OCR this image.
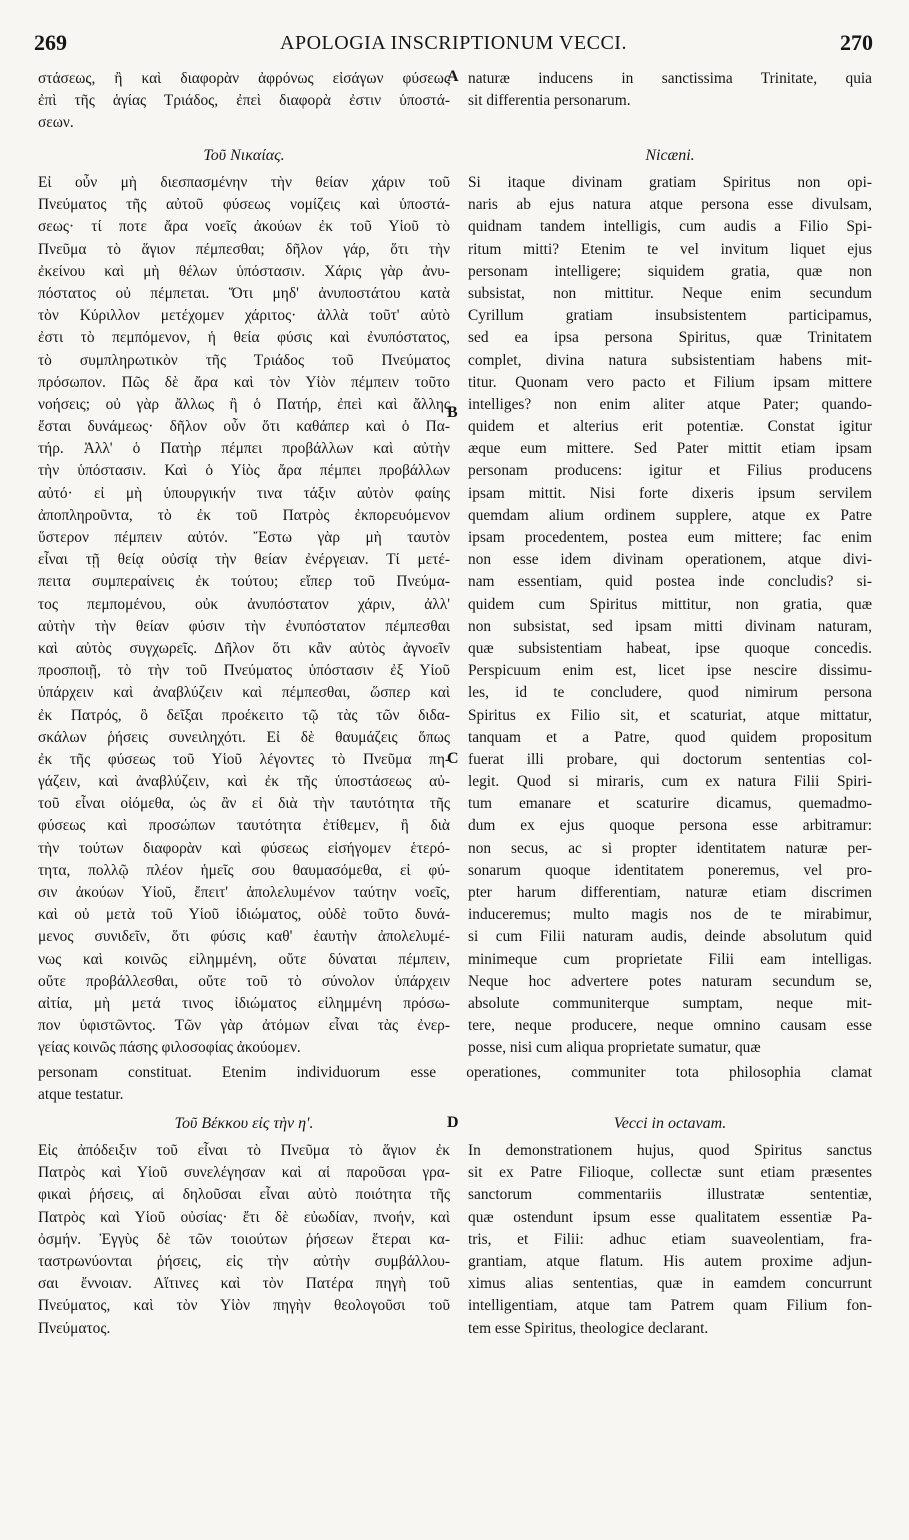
269	APOLOGIA INSCRIPTIONUM VECCI.	270
στάσεως, ἢ καὶ διαφορὰν ἀφρόνως εἰσάγων φύσεως
ἐπὶ τῆς ἁγίας Τριάδος, ἐπεὶ διαφορὰ ἐστιν ὑποστά-
σεων.
naturæ inducens in sanctissima Trinitate, quia
sit differentia personarum.
Τοῦ Νικαίας.	Nicæni.
Εἰ οὖν μὴ διεσπασμένην τὴν θείαν χάριν τοῦ
Πνεύματος τῆς αὐτοῦ φύσεως νομίζεις καὶ ὑποστά-
σεως· τί ποτε ἄρα νοεῖς ἀκούων ἐκ τοῦ Υἱοῦ τὸ
Πνεῦμα τὸ ἅγιον πέμπεσθαι; δῆλον γάρ, ὅτι τὴν
ἐκείνου καὶ μὴ θέλων ὑπόστασιν. Χάρις γὰρ ἀνυ-
πόστατος οὐ πέμπεται. Ὅτι μηδ' ἀνυποστάτου κατὰ
τὸν Κύριλλον μετέχομεν χάριτος· ἀλλὰ τοῦτ' αὐτὸ
ἐστι τὸ πεμπόμενον, ἡ θεία φύσις καὶ ἐνυπόστατος,
τὸ συμπληρωτικὸν τῆς Τριάδος τοῦ Πνεύματος
πρόσωπον. Πῶς δὲ ἄρα καὶ τὸν Υἱὸν πέμπειν τοῦτο
νοήσεις; οὐ γὰρ ἄλλως ἢ ὁ Πατήρ, ἐπεὶ καὶ ἄλλης
ἔσται δυνάμεως· δῆλον οὖν ὅτι καθάπερ καὶ ὁ Πα-
τήρ. Ἀλλ' ὁ Πατὴρ πέμπει προβάλλων καὶ αὐτὴν
τὴν ὑπόστασιν. Καὶ ὁ Υἱὸς ἄρα πέμπει προβάλλων
αὐτό· εἰ μὴ ὑπουργικήν τινα τάξιν αὐτὸν φαίης
ἀποπληροῦντα, τὸ ἐκ τοῦ Πατρὸς ἐκπορευόμενον
ὕστερον πέμπειν αὐτόν. Ἔστω γὰρ μὴ ταυτὸν
εἶναι τῇ θείᾳ οὐσίᾳ τὴν θείαν ἐνέργειαν. Τί μετέ-
πειτα συμπεραίνεις ἐκ τούτου; εἴπερ τοῦ Πνεύμα-
τος πεμπομένου, οὐκ ἀνυπόστατον χάριν, ἀλλ'
αὐτὴν τὴν θείαν φύσιν τὴν ἐνυπόστατον πέμπεσθαι
καὶ αὐτὸς συγχωρεῖς. Δῆλον ὅτι κἂν αὐτὸς ἀγνοεῖν
προσποιῇ, τὸ τὴν τοῦ Πνεύματος ὑπόστασιν ἐξ Υἱοῦ
ὑπάρχειν καὶ ἀναβλύζειν καὶ πέμπεσθαι, ὥσπερ καὶ
ἐκ Πατρός, ὃ δεῖξαι προέκειτο τῷ τὰς τῶν διδα-
σκάλων ῥήσεις συνειληχότι. Εἰ δὲ θαυμάζεις ὅπως
ἐκ τῆς φύσεως τοῦ Υἱοῦ λέγοντες τὸ Πνεῦμα πη-
γάζειν, καὶ ἀναβλύζειν, καὶ ἐκ τῆς ὑποστάσεως αὐ-
τοῦ εἶναι οἰόμεθα, ὡς ἂν εἰ διὰ τὴν ταυτότητα τῆς
φύσεως καὶ προσώπων ταυτότητα ἐτίθεμεν, ἢ διὰ
τὴν τούτων διαφορὰν καὶ φύσεως εἰσήγομεν ἑτερό-
τητα, πολλῷ πλέον ἡμεῖς σου θαυμασόμεθα, εἰ φύ-
σιν ἀκούων Υἱοῦ, ἔπειτ' ἀπολελυμένον ταύτην νοεῖς,
καὶ οὐ μετὰ τοῦ Υἱοῦ ἰδιώματος, οὐδὲ τοῦτο δυνά-
μενος συνιδεῖν, ὅτι φύσις καθ' ἑαυτὴν ἀπολελυμέ-
νως καὶ κοινῶς εἰλημμένη, οὔτε δύναται πέμπειν,
οὔτε προβάλλεσθαι, οὔτε τοῦ τὸ σύνολον ὑπάρχειν
αἰτία, μὴ μετά τινος ἰδιώματος εἰλημμένη πρόσω-
πον ὑφιστῶντος. Τῶν γὰρ ἀτόμων εἶναι τὰς ἐνερ-
γείας κοινῶς πάσης φιλοσοφίας ἀκούομεν.
Si itaque divinam gratiam Spiritus non opi-
naris ab ejus natura atque persona esse divulsam,
quidnam tandem intelligis, cum audis a Filio Spi-
ritum mitti? Etenim te vel invitum liquet ejus
personam intelligere; siquidem gratia, quæ non
subsistat, non mittitur. Neque enim secundum
Cyrillum gratiam insubsistentem participamus,
sed ea ipsa persona Spiritus, quæ Trinitatem
complet, divina natura subsistentiam habens mit-
titur. Quonam vero pacto et Filium ipsam mittere
intelliges? non enim aliter atque Pater; quando-
quidem et alterius erit potentiæ. Constat igitur
æque eum mittere. Sed Pater mittit etiam ipsam
personam producens: igitur et Filius producens
ipsam mittit. Nisi forte dixeris ipsum servilem
quemdam alium ordinem supplere, atque ex Patre
ipsam procedentem, postea eum mittere; fac enim
non esse idem divinam operationem, atque divi-
nam essentiam, quid postea inde concludis? si-
quidem cum Spiritus mittitur, non gratia, quæ
non subsistat, sed ipsam mitti divinam naturam,
quæ subsistentiam habeat, ipse quoque concedis.
Perspicuum enim est, licet ipse nescire dissimu-
les, id te concludere, quod nimirum persona
Spiritus ex Filio sit, et scaturiat, atque mittatur,
tanquam et a Patre, quod quidem propositum
fuerat illi probare, qui doctorum sententias col-
legit. Quod si miraris, cum ex natura Filii Spiri-
tum emanare et scaturire dicamus, quemadmo-
dum ex ejus quoque persona esse arbitramur:
non secus, ac si propter identitatem naturæ per-
sonarum quoque identitatem poneremus, vel pro-
pter harum differentiam, naturæ etiam discrimen
induceremus; multo magis nos de te mirabimur,
si cum Filii naturam audis, deinde absolutum quid
minimeque cum proprietate Filii eam intelligas.
Neque hoc advertere potes naturam secundum se,
absolute communiterque sumptam, neque mit-
tere, neque producere, neque omnino causam esse
posse, nisi cum aliqua proprietate sumatur, quæ
personam constituat. Etenim individuorum esse operationes, communiter tota philosophia clamat
atque testatur.
Τοῦ Βέκκου εἰς τὴν η'.	Vecci in octavam.
Εἰς ἀπόδειξιν τοῦ εἶναι τὸ Πνεῦμα τὸ ἅγιον ἐκ
Πατρὸς καὶ Υἱοῦ συνελέγησαν καὶ αἱ παροῦσαι γρα-
φικαὶ ῥήσεις, αἱ δηλοῦσαι εἶναι αὐτὸ ποιότητα τῆς
Πατρὸς καὶ Υἱοῦ οὐσίας· ἔτι δὲ εὐωδίαν, πνοήν, καὶ
ὀσμήν. Ἐγγὺς δὲ τῶν τοιούτων ῥήσεων ἕτεραι κα-
ταστρωνύονται ῥήσεις, εἰς τὴν αὐτὴν συμβάλλου-
σαι ἔννοιαν. Αἵτινες καὶ τὸν Πατέρα πηγὴ τοῦ
Πνεύματος, καὶ τὸν Υἱὸν πηγὴν θεολογοῦσι τοῦ
Πνεύματος.
In demonstrationem hujus, quod Spiritus sanctus
sit ex Patre Filioque, collectæ sunt etiam præsentes
sanctorum commentariis illustratæ sententiæ,
quæ ostendunt ipsum esse qualitatem essentiæ Pa-
tris, et Filii: adhuc etiam suaveolentiam, fra-
grantiam, atque flatum. His autem proxime adjun-
ximus alias sententias, quæ in eamdem concurrunt
intelligentiam, atque tam Patrem quam Filium fon-
tem esse Spiritus, theologice declarant.
A
B
C
D
